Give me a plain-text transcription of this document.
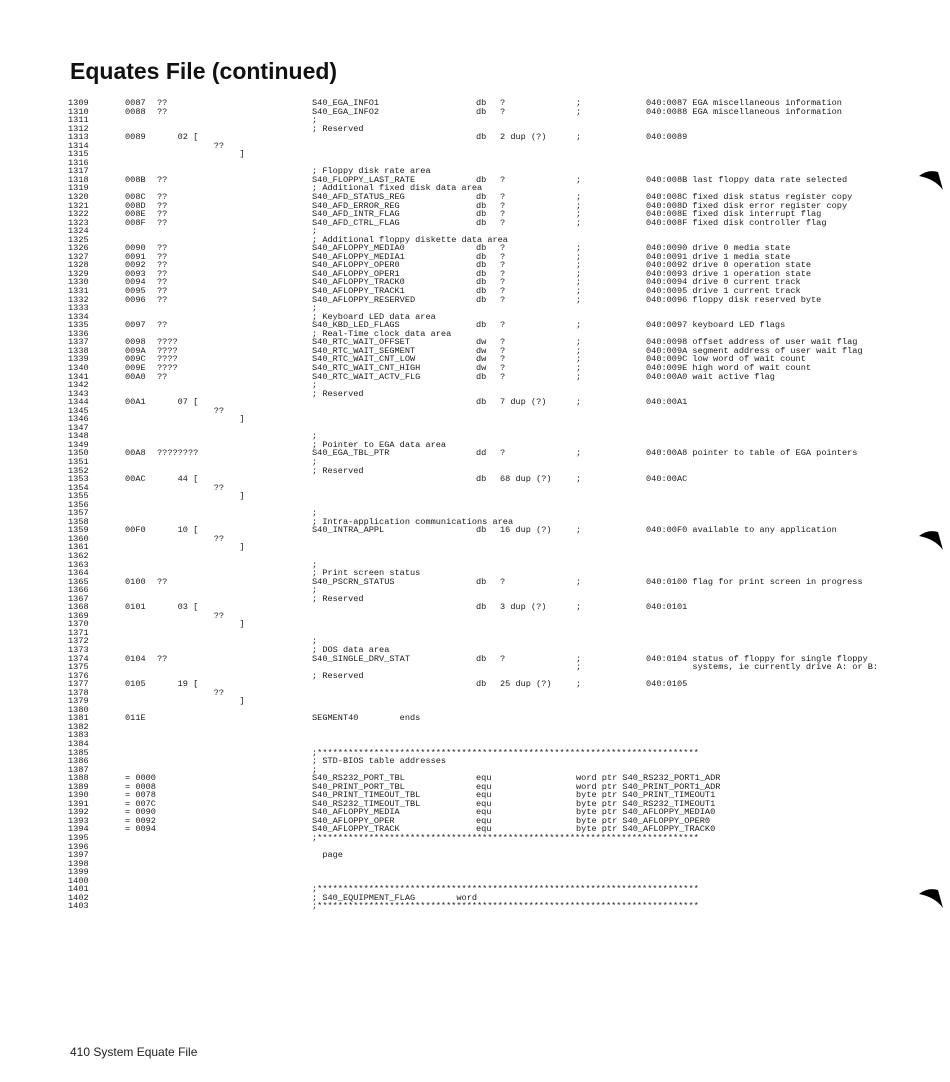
Equates File (continued)
1309	0087 ??	S40_EGA_INFO1	db ?	;	040:0087 EGA miscellaneous information
1310	0088 ??	S40_EGA_INFO2	db ?	;	040:0088 EGA miscellaneous information
1311	;
1312	; Reserved
1313	0089 02 [	db 2 dup (?)	;	040:0089
1314	??
1315	]
1316
1317	; Floppy disk rate area
1318	008B ??	S40_FLOPPY_LAST_RATE	db ?	;	040:008B last floppy data rate selected
1319	; Additional fixed disk data area
1320	008C ??	S40_AFD_STATUS_REG	db ?	;	040:008C fixed disk status register copy
1321	008D ??	S40_AFD_ERROR_REG	db ?	;	040:008D fixed disk error register copy
1322	008E ??	S40_AFD_INTR_FLAG	db ?	;	040:008E fixed disk interrupt flag
1323	008F ??	S40_AFD_CTRL_FLAG	db ?	;	040:008F fixed disk controller flag
1324	;
1325	; Additional floppy diskette data area
1326	0090 ??	S40_AFLOPPY_MEDIA0	db ?	;	040:0090 drive 0 media state
1327	0091 ??	S40_AFLOPPY_MEDIA1	db ?	;	040:0091 drive 1 media state
1328	0092 ??	S40_AFLOPPY_OPER0	db ?	;	040:0092 drive 0 operation state
1329	0093 ??	S40_AFLOPPY_OPER1	db ?	;	040:0093 drive 1 operation state
1330	0094 ??	S40_AFLOPPY_TRACK0	db ?	;	040:0094 drive 0 current track
1331	0095 ??	S40_AFLOPPY_TRACK1	db ?	;	040:0095 drive 1 current track
1332	0096 ??	S40_AFLOPPY_RESERVED	db ?	;	040:0096 floppy disk reserved byte
1333	;
1334	; Keyboard LED data area
1335	0097 ??	S40_KBD_LED_FLAGS	db ?	;	040:0097 keyboard LED flags
1336	; Real-Time clock data area
1337	0098 ????	S40_RTC_WAIT_OFFSET	dw ?	;	040:0098 offset address of user wait flag
1338	009A ????	S40_RTC_WAIT_SEGMENT	dw ?	;	040:009A segment address of user wait flag
1339	009C ????	S40_RTC_WAIT_CNT_LOW	dw ?	;	040:009C low word of wait count
1340	009E ????	S40_RTC_WAIT_CNT_HIGH	dw ?	;	040:009E high word of wait count
1341	00A0 ??	S40_RTC_WAIT_ACTV_FLG	db ?	;	040:00A0 wait active flag
1342	;
1343	; Reserved
1344	00A1 07 [	db 7 dup (?)	;	040:00A1
1345	??
1346	]
1347
1348	;
1349	; Pointer to EGA data area
1350	00A8 ????????	S40_EGA_TBL_PTR	dd ?	;	040:00A8 pointer to table of EGA pointers
1351	;
1352	; Reserved
1353	00AC 44 [	db 68 dup (?)	;	040:00AC
1354	??
1355	]
1356
1357	;
1358	; Intra-application communications area
1359	00F0 10 [	S40_INTRA_APPL	db 16 dup (?)	;	040:00F0 available to any application
1360	??
1361	]
1362
1363	;
1364	; Print screen status
1365	0100 ??	S40_PSCRN_STATUS	db ?	;	040:0100 flag for print screen in progress
1366	;
1367	; Reserved
1368	0101 03 [	db 3 dup (?)	;	040:0101
1369	??
1370	]
1371
1372	;
1373	; DOS data area
1374	0104 ??	S40_SINGLE_DRV_STAT	db ?	;	040:0104 status of floppy for single floppy
1375	;	systems, ie currently drive A: or B:
1376	; Reserved
1377	0105 19 [	db 25 dup (?)	;	040:0105
1378	??
1379	]
1380
1381	011E	SEGMENT40        ends
1382
1383
1384
1385	;**************************************************************************
1386	; STD-BIOS table addresses
1387	;
1388	= 0000	S40_RS232_PORT_TBL	equ	word ptr S40_RS232_PORT1_ADR
1389	= 0008	S40_PRINT_PORT_TBL	equ	word ptr S40_PRINT_PORT1_ADR
1390	= 0078	S40_PRINT_TIMEOUT_TBL	equ	byte ptr S40_PRINT_TIMEOUT1
1391	= 007C	S40_RS232_TIMEOUT_TBL	equ	byte ptr S40_RS232_TIMEOUT1
1392	= 0090	S40_AFLOPPY_MEDIA	equ	byte ptr S40_AFLOPPY_MEDIA0
1393	= 0092	S40_AFLOPPY_OPER	equ	byte ptr S40_AFLOPPY_OPER0
1394	= 0094	S40_AFLOPPY_TRACK	equ	byte ptr S40_AFLOPPY_TRACK0
1395	;**************************************************************************
1396
1397	page
1398
1399
1400
1401	;**************************************************************************
1402	; S40_EQUIPMENT_FLAG        word
1403	;**************************************************************************
410 System Equate File
